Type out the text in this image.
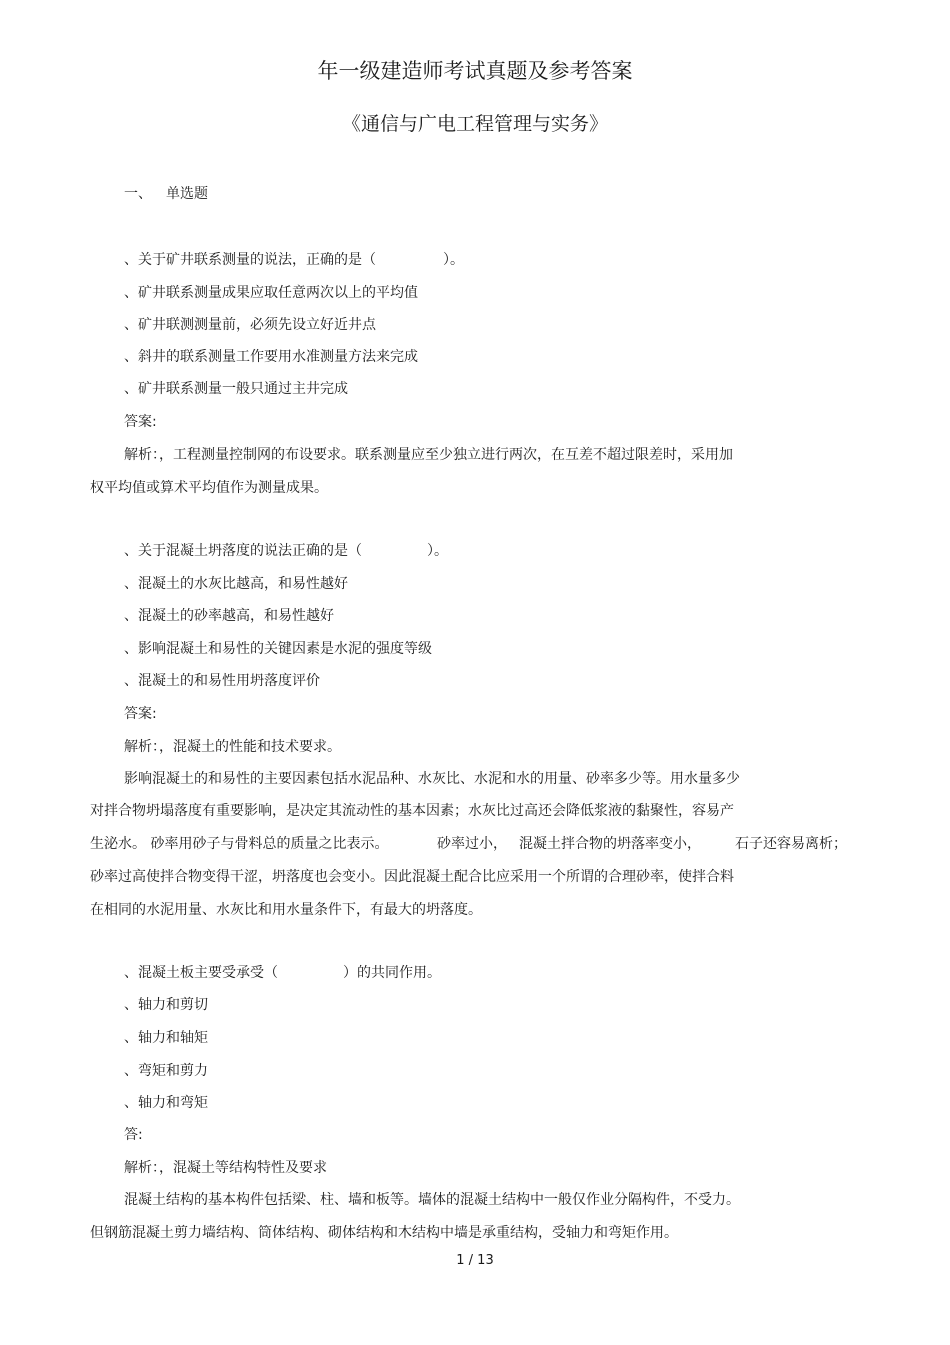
年一级建造师考试真题及参考答案
《通信与广电工程管理与实务》
一、 单选题
、关于矿井联系测量的说法，正确的是（	）。
、矿井联系测量成果应取任意两次以上的平均值
、矿井联测测量前，必须先设立好近井点
、斜井的联系测量工作要用水准测量方法来完成
、矿井联系测量一般只通过主井完成
答案:
解析：，工程测量控制网的布设要求。联系测量应至少独立进行两次，在互差不超过限差时，采用加
权平均值或算术平均值作为测量成果。
、关于混凝土坍落度的说法正确的是（	）。
、混凝土的水灰比越高，和易性越好
、混凝土的砂率越高，和易性越好
、影响混凝土和易性的关键因素是水泥的强度等级
、混凝土的和易性用坍落度评价
答案:
解析：，混凝土的性能和技术要求。
影响混凝土的和易性的主要因素包括水泥品种、水灰比、水泥和水的用量、砂率多少等。用水量多少
对拌合物坍塌落度有重要影响，是决定其流动性的基本因素；水灰比过高还会降低浆液的黏聚性，容易产
生泌水。 砂率用砂子与骨料总的质量之比表示。	砂率过小， 混凝土拌合物的坍落率变小， 石子还容易离析；
砂率过高使拌合物变得干涩，坍落度也会变小。因此混凝土配合比应采用一个所谓的合理砂率，使拌合料
在相同的水泥用量、水灰比和用水量条件下，有最大的坍落度。
、混凝土板主要受承受（	）的共同作用。
、轴力和剪切
、轴力和轴矩
、弯矩和剪力
、轴力和弯矩
答:
解析：，混凝土等结构特性及要求
混凝土结构的基本构件包括梁、柱、墙和板等。墙体的混凝土结构中一般仅作业分隔构件，不受力。
但钢筋混凝土剪力墙结构、筒体结构、砌体结构和木结构中墙是承重结构，受轴力和弯矩作用。
1 / 13
